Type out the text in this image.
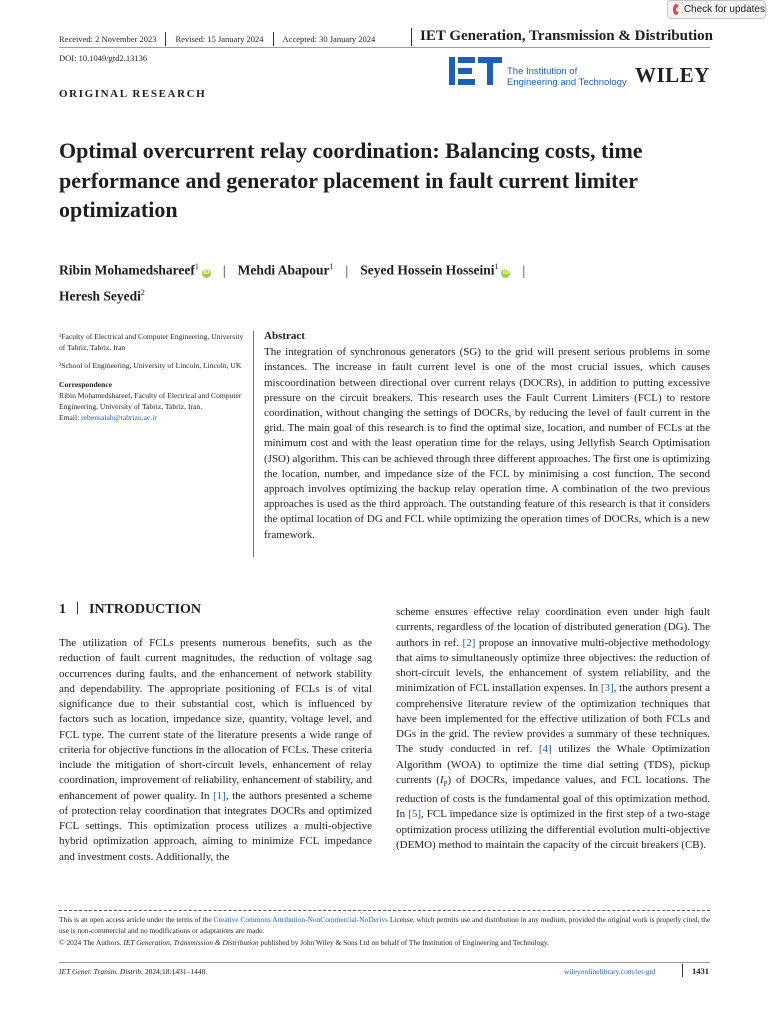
Check for updates
Received: 2 November 2023 Revised: 15 January 2024 Accepted: 30 January 2024	IET Generation, Transmission & Distribution
DOI: 10.1049/gtd2.13136
The Institution of
Engineering and Technology WILEY
ORIGINAL RESEARCH
Optimal overcurrent relay coordination: Balancing costs, time performance and generator placement in fault current limiter optimization
Ribin Mohamedshareef$^1$iD | Mehdi Abapour$^1$ | Seyed Hossein Hosseini$^1$iD |
Heresh Seyedi$^2$

¹Faculty of Electrical and Computer Engineering, University of Tabriz, Tabriz, Iran

²School of Engineering, University of Lincoln, Lincoln, UK

Correspondence

Ribin Mohamedshareef, Faculty of Electrical and Computer Engineering, University of Tabriz, Tabriz, Iran.

Email: rebensalah@tabrizu.ac.ir

Abstract
The integration of synchronous generators (SG) to the grid will present serious problems in some instances. The increase in fault current level is one of the most crucial issues, which causes miscoordination between directional over current relays (DOCRs), in addition to putting excessive pressure on the circuit breakers. This research uses the Fault Current Limiters (FCL) to restore coordination, without changing the settings of DOCRs, by reducing the level of fault current in the grid. The main goal of this research is to find the optimal size, location, and number of FCLs at the minimum cost and with the least operation time for the relays, using Jellyfish Search Optimisation (JSO) algorithm. This can be achieved through three different approaches. The first one is optimizing the location, number, and impedance size of the FCL by minimising a cost function. The second approach involves optimizing the backup relay operation time. A combination of the two previous approaches is used as the third approach. The outstanding feature of this research is that it considers the optimal location of DG and FCL while optimizing the operation times of DOCRs, which is a new framework.
1 INTRODUCTION

The utilization of FCLs presents numerous benefits, such as the reduction of fault current magnitudes, the reduction of voltage sag occurrences during faults, and the enhancement of network stability and dependability. The appropriate positioning of FCLs is of vital significance due to their substantial cost, which is influenced by factors such as location, impedance size, quantity, voltage level, and FCL type. The current state of the literature presents a wide range of criteria for objective functions in the allocation of FCLs. These criteria include the mitigation of short-circuit levels, enhancement of relay coordination, improvement of reliability, enhancement of stability, and enhancement of power quality. In [1], the authors presented a scheme of protection relay coordination that integrates DOCRs and optimized FCL settings. This optimization process utilizes a multi-objective hybrid optimization approach, aiming to minimize FCL impedance and investment costs. Additionally, the

scheme ensures effective relay coordination even under high fault currents, regardless of the location of distributed generation (DG). The authors in ref. [2] propose an innovative multi-objective methodology that aims to simultaneously optimize three objectives: the reduction of short-circuit levels, the enhancement of system reliability, and the minimization of FCL installation expenses. In [3], the authors present a comprehensive literature review of the optimization techniques that have been implemented for the effective utilization of both FCLs and DGs in the grid. The review provides a summary of these techniques. The study conducted in ref. [4] utilizes the Whale Optimization Algorithm (WOA) to optimize the time dial setting (TDS), pickup currents $(I_P)$ of DOCRs, impedance values, and FCL locations. The reduction of costs is the fundamental goal of this optimization method. In [5], FCL impedance size is optimized in the first step of a two-stage optimization process utilizing the differential evolution multi-objective (DEMO) method to maintain the capacity of the circuit breakers (CB).

This is an open access article under the terms of the Creative Commons Attribution-NonCommercial-NoDerivs License, which permits use and distribution in any medium, provided the original work is properly cited, the use is non-commercial and no modifications or adaptations are made.

© 2024 The Authors. IET Generation, Transmission & Distribution published by John Wiley & Sons Ltd on behalf of The Institution of Engineering and Technology.

IET Gener. Transm. Distrib. 2024;18:1431–1448.	wileyonlinelibrary.com/iet-gtd	1431
